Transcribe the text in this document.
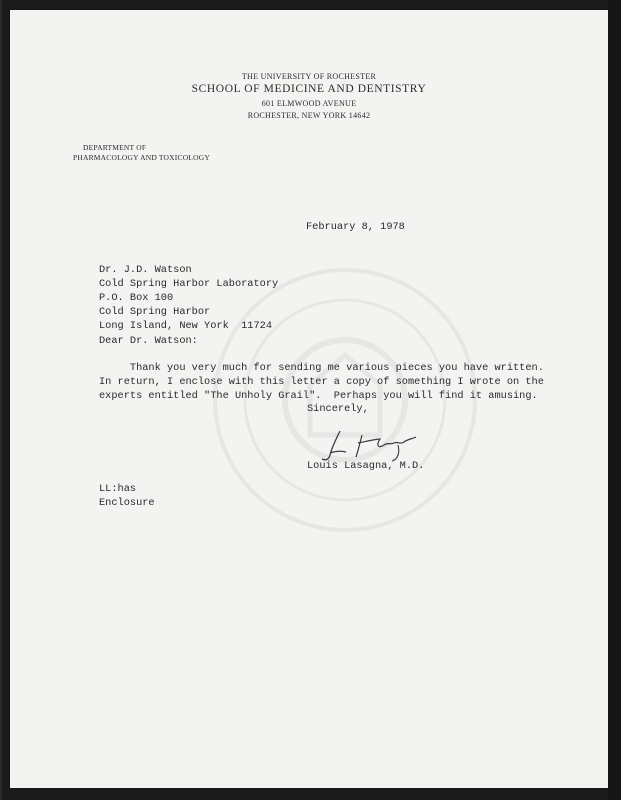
THE UNIVERSITY OF ROCHESTER
SCHOOL OF MEDICINE AND DENTISTRY
601 ELMWOOD AVENUE
ROCHESTER, NEW YORK 14642
DEPARTMENT OF
PHARMACOLOGY AND TOXICOLOGY
February 8, 1978
Dr. J.D. Watson
Cold Spring Harbor Laboratory
P.O. Box 100
Cold Spring Harbor
Long Island, New York  11724
Dear Dr. Watson:
Thank you very much for sending me various pieces you have written.
In return, I enclose with this letter a copy of something I wrote on the
experts entitled "The Unholy Grail".  Perhaps you will find it amusing.
Sincerely,
Louis Lasagna, M.D.
LL:has
Enclosure
